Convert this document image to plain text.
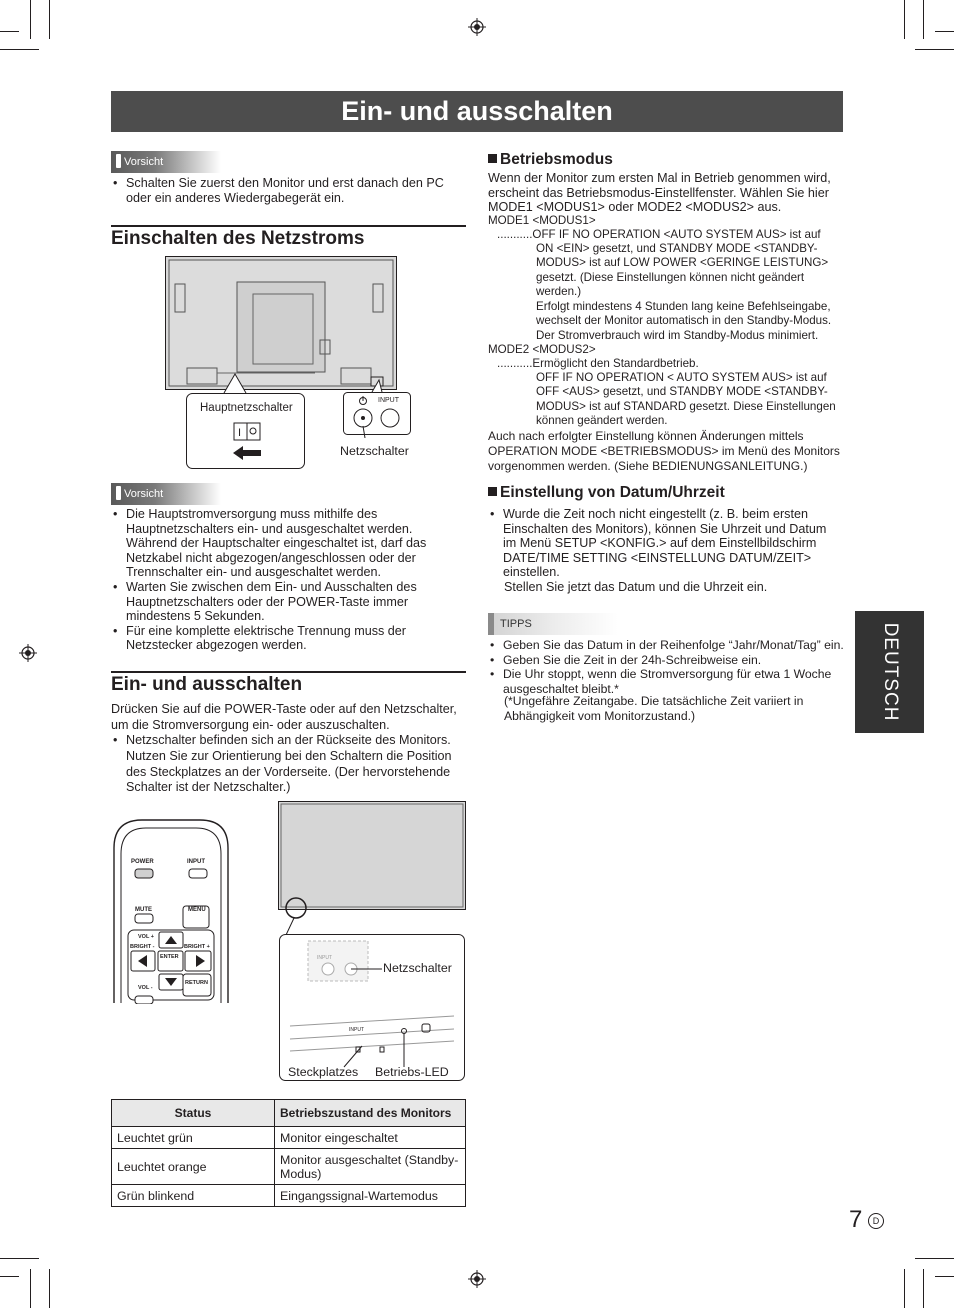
Ein- und ausschalten
Vorsicht
• Schalten Sie zuerst den Monitor und erst danach den PC oder ein anderes Wiedergabegerät ein.
Einschalten des Netzstroms
I
Hauptnetzschalter
INPUT
Netzschalter
Vorsicht
• Die Hauptstromversorgung muss mithilfe des Hauptnetzschalters ein- und ausgeschaltet werden. Während der Hauptschalter eingeschaltet ist, darf das Netzkabel nicht abgezogen/angeschlossen oder der Trennschalter ein- und ausgeschaltet werden.
• Warten Sie zwischen dem Ein- und Ausschalten des Hauptnetzschalters oder der POWER-Taste immer mindestens 5 Sekunden.
• Für eine komplette elektrische Trennung muss der Netzstecker abgezogen werden.
Ein- und ausschalten
Drücken Sie auf die POWER-Taste oder auf den Netzschalter, um die Stromversorgung ein- oder auszuschalten.
• Netzschalter befinden sich an der Rückseite des Monitors. Nutzen Sie zur Orientierung bei den Schaltern die Position des Steckplatzes an der Vorderseite. (Der hervorstehende Schalter ist der Netzschalter.)
POWER	INPUT
MUTE	MENU
VOL +
BRIGHT -	BRIGHT +
ENTER
VOL -
RETURN
INPUT
INPUT
Netzschalter
Steckplatzes Betriebs-LED
Status	Betriebszustand des Monitors
Leuchtet grün	Monitor eingeschaltet
Leuchtet orange	Monitor ausgeschaltet (Standby-Modus)
Grün blinkend	Eingangssignal-Wartemodus
Betriebsmodus
Wenn der Monitor zum ersten Mal in Betrieb genommen wird, erscheint das Betriebsmodus-Einstellfenster. Wählen Sie hier MODE1 <MODUS1> oder MODE2 <MODUS2> aus.
MODE1 <MODUS1>
...........OFF IF NO OPERATION <AUTO SYSTEM AUS> ist auf
ON <EIN> gesetzt, und STANDBY MODE <STANDBY-MODUS> ist auf LOW POWER <GERINGE LEISTUNG> gesetzt. (Diese Einstellungen können nicht geändert werden.)
Erfolgt mindestens 4 Stunden lang keine Befehlseingabe, wechselt der Monitor automatisch in den Standby-Modus. Der Stromverbrauch wird im Standby-Modus minimiert.
MODE2 <MODUS2>
...........Ermöglicht den Standardbetrieb.
OFF IF NO OPERATION < AUTO SYSTEM AUS> ist auf OFF <AUS> gesetzt, und STANDBY MODE <STANDBY-MODUS> ist auf STANDARD gesetzt. Diese Einstellungen können geändert werden.
Auch nach erfolgter Einstellung können Änderungen mittels OPERATION MODE <BETRIEBSMODUS> im Menü des Monitors vorgenommen werden. (Siehe BEDIENUNGSANLEITUNG.)
Einstellung von Datum/Uhrzeit
• Wurde die Zeit noch nicht eingestellt (z. B. beim ersten Einschalten des Monitors), können Sie Uhrzeit und Datum im Menü SETUP <KONFIG.> auf dem Einstellbildschirm DATE/TIME SETTING <EINSTELLUNG DATUM/ZEIT> einstellen.
Stellen Sie jetzt das Datum und die Uhrzeit ein.
TIPPS
• Geben Sie das Datum in der Reihenfolge “Jahr/Monat/Tag” ein.
• Geben Sie die Zeit in der 24h-Schreibweise ein.
• Die Uhr stoppt, wenn die Stromversorgung für etwa 1 Woche ausgeschaltet bleibt.*
(*Ungefähre Zeitangabe. Die tatsächliche Zeit variiert in Abhängigkeit vom Monitorzustand.)	DEUTSCH
7	D
